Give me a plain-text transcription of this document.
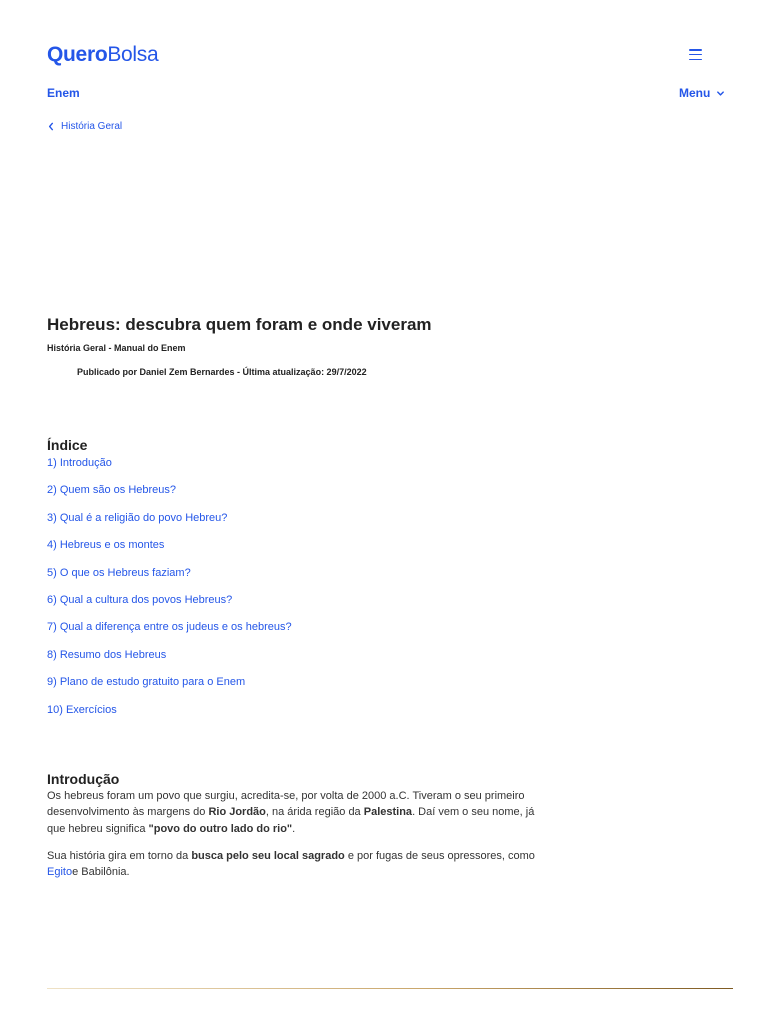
QueroBolsa
Enem	Menu
História Geral
Hebreus: descubra quem foram e onde viveram
História Geral - Manual do Enem
Publicado por Daniel Zem Bernardes - Última atualização: 29/7/2022
Índice
1) Introdução
2) Quem são os Hebreus?
3) Qual é a religião do povo Hebreu?
4) Hebreus e os montes
5) O que os Hebreus faziam?
6) Qual a cultura dos povos Hebreus?
7) Qual a diferença entre os judeus e os hebreus?
8) Resumo dos Hebreus
9) Plano de estudo gratuito para o Enem
10) Exercícios
Introdução

Os hebreus foram um povo que surgiu, acredita-se, por volta de 2000 a.C. Tiveram o seu primeiro desenvolvimento às margens do Rio Jordão, na árida região da Palestina. Daí vem o seu nome, já que hebreu significa "povo do outro lado do rio".

Sua história gira em torno da busca pelo seu local sagrado e por fugas de seus opressores, como Egitoe Babilônia.
